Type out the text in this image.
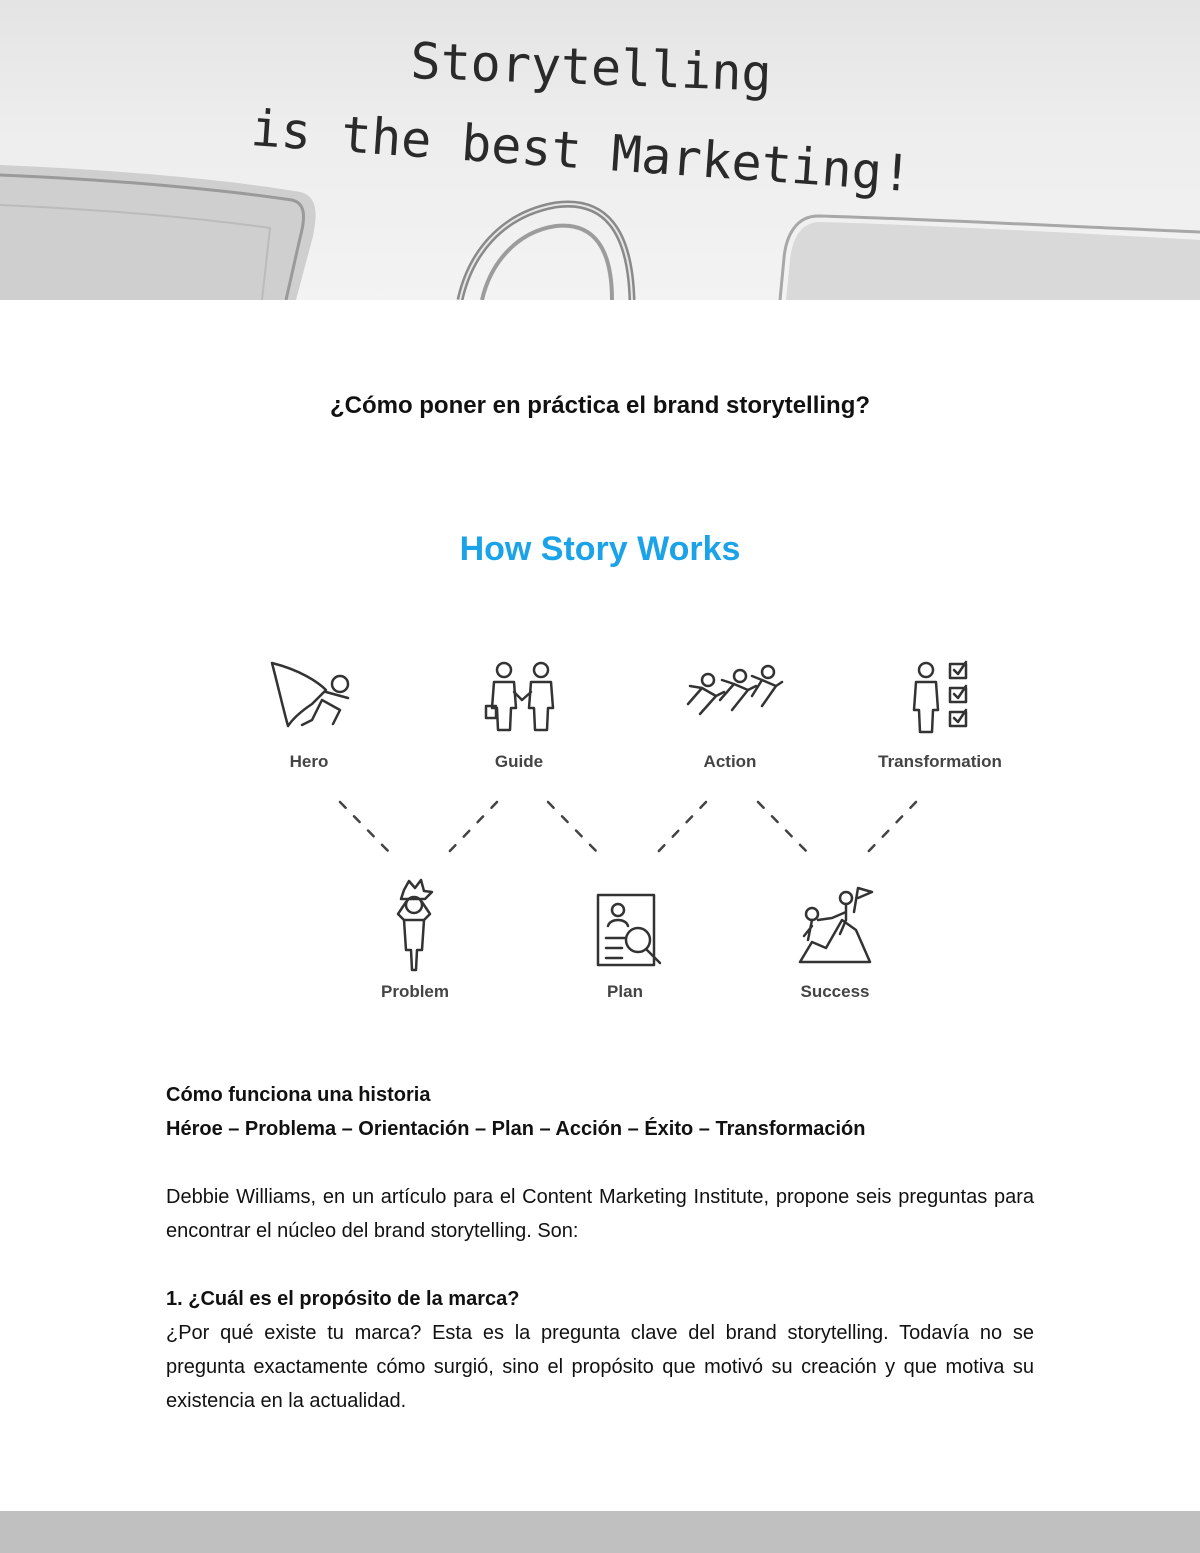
Storytelling
is the best Marketing!
¿Cómo poner en práctica el brand storytelling?
How Story Works
Hero	Guide	Action	Transformation
Problem	Plan	Success

Cómo funciona una historia

Héroe – Problema – Orientación – Plan – Acción – Éxito – Transformación

Debbie Williams, en un artículo para el Content Marketing Institute, propone seis preguntas para encontrar el núcleo del brand storytelling. Son:

1. ¿Cuál es el propósito de la marca?

¿Por qué existe tu marca? Esta es la pregunta clave del brand storytelling. Todavía no se pregunta exactamente cómo surgió, sino el propósito que motivó su creación y que motiva su existencia en la actualidad.
